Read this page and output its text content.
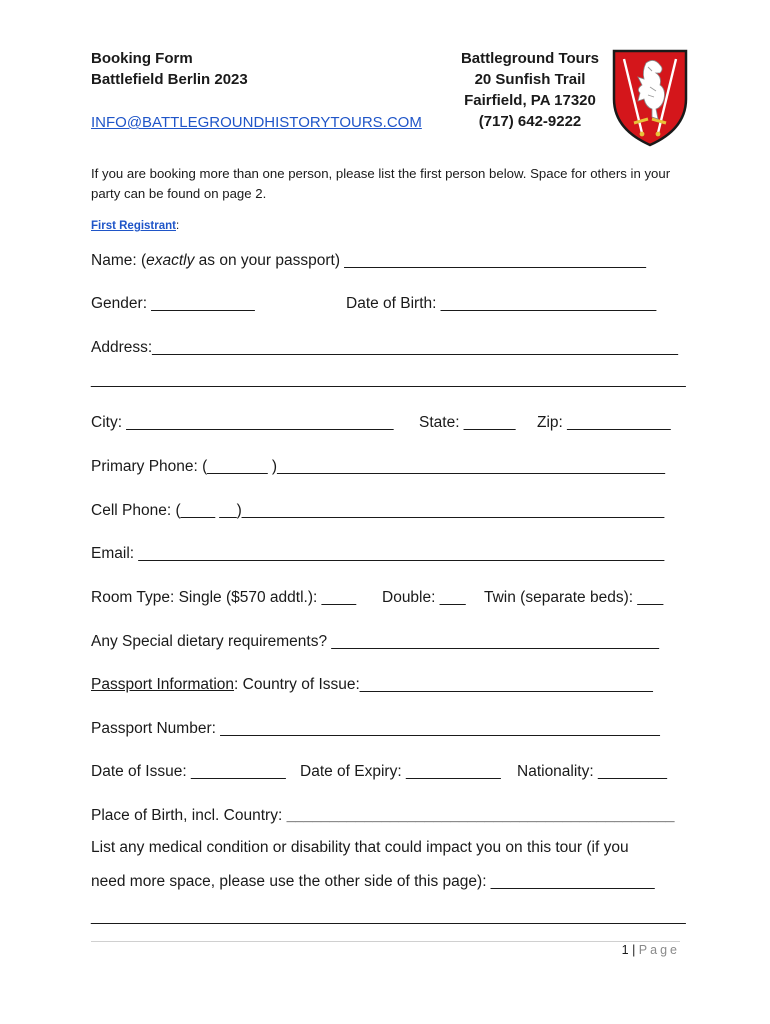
Booking Form
Battlefield Berlin 2023
INFO@BATTLEGROUNDHISTORYTOURS.COM
Battleground Tours
20 Sunfish Trail
Fairfield, PA 17320
(717) 642-9222
If you are booking more than one person, please list the first person below. Space for others in your party can be found on page 2.
First Registrant:
Name: (exactly as on your passport) ___________________________________
Gender: ____________	Date of Birth: _________________________
Address:_____________________________________________________________
_____________________________________________________________________
City: _______________________________ State: ______ Zip: ____________
Primary Phone: (_______ )_____________________________________________
Cell Phone: (____ __)_________________________________________________
Email: _____________________________________________________________
Room Type: Single ($570 addtl.): ____ Double: ___ Twin (separate beds): ___
Any Special dietary requirements? ______________________________________
Passport Information: Country of Issue:__________________________________
Passport Number: ___________________________________________________
Date of Issue: ___________ Date of Expiry: ___________ Nationality: ________
Place of Birth, incl. Country: _____________________________________________
List any medical condition or disability that could impact you on this tour (if you
need more space, please use the other side of this page): ___________________
_____________________________________________________________________
1 | Page
